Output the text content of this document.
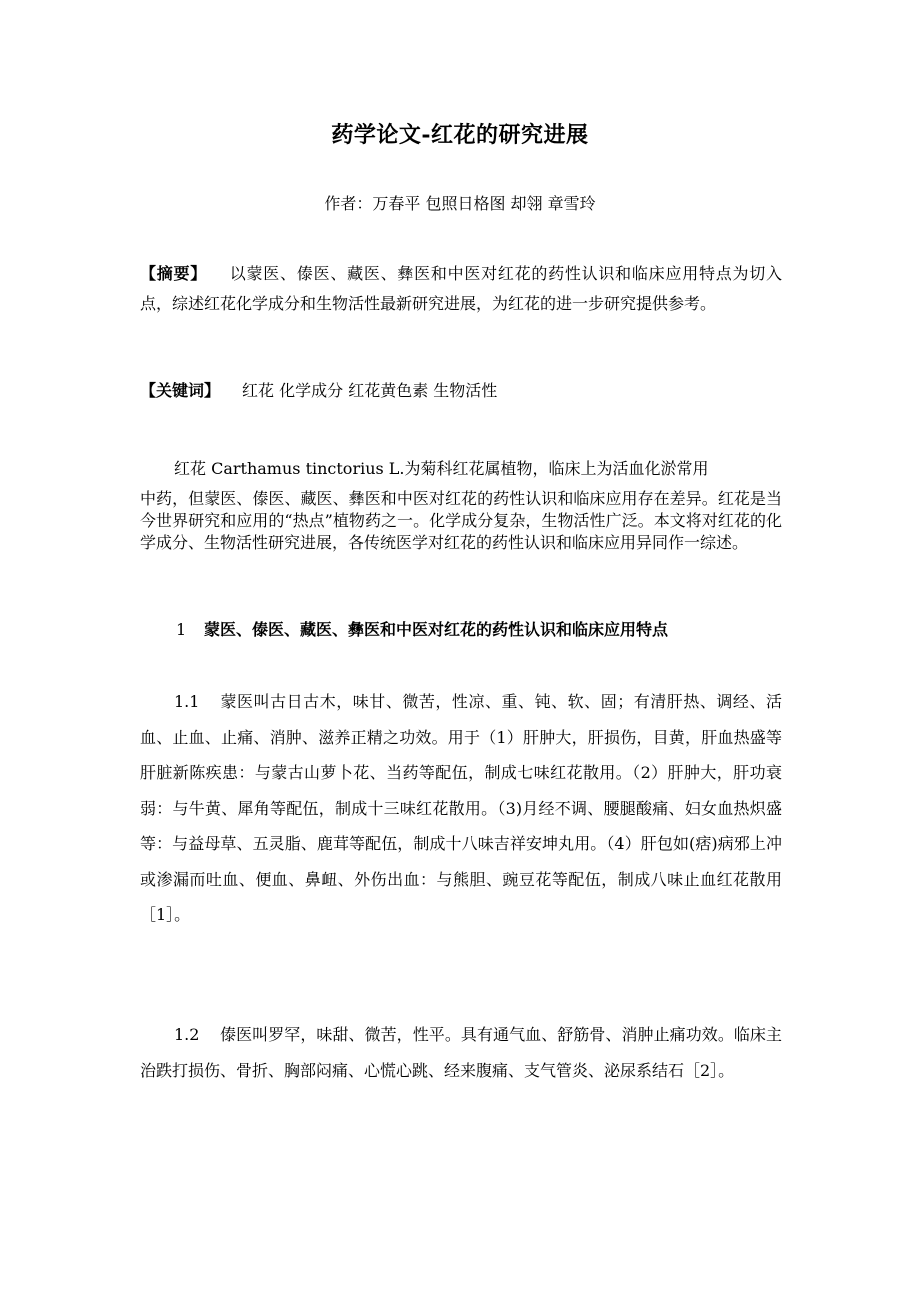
药学论文-红花的研究进展
作者：万春平 包照日格图 却翎 章雪玲

【摘要】 以蒙医、傣医、藏医、彝医和中医对红花的药性认识和临床应用特点为切入点，综述红花化学成分和生物活性最新研究进展，为红花的进一步研究提供参考。

【关键词】 红花 化学成分 红花黄色素 生物活性

红花 Carthamus tinctorius L.为菊科红花属植物，临床上为活血化淤常用
中药，但蒙医、傣医、藏医、彝医和中医对红花的药性认识和临床应用存在差异。红花是当今世界研究和应用的“热点”植物药之一。化学成分复杂，生物活性广泛。本文将对红花的化学成分、生物活性研究进展，各传统医学对红花的药性认识和临床应用异同作一综述。

1 蒙医、傣医、藏医、彝医和中医对红花的药性认识和临床应用特点

1.1 蒙医叫古日古木，味甘、微苦，性凉、重、钝、软、固；有清肝热、调经、活血、止血、止痛、消肿、滋养正精之功效。用于（1）肝肿大，肝损伤，目黄，肝血热盛等肝脏新陈疾患：与蒙古山萝卜花、当药等配伍，制成七味红花散用。（2）肝肿大，肝功衰弱：与牛黄、犀角等配伍，制成十三味红花散用。（3)月经不调、腰腿酸痛、妇女血热炽盛等：与益母草、五灵脂、鹿茸等配伍，制成十八味吉祥安坤丸用。（4）肝包如(痞)病邪上冲或渗漏而吐血、便血、鼻衄、外伤出血：与熊胆、豌豆花等配伍，制成八味止血红花散用［1］。

1.2 傣医叫罗罕，味甜、微苦，性平。具有通气血、舒筋骨、消肿止痛功效。临床主治跌打损伤、骨折、胸部闷痛、心慌心跳、经来腹痛、支气管炎、泌尿系结石［2］。
